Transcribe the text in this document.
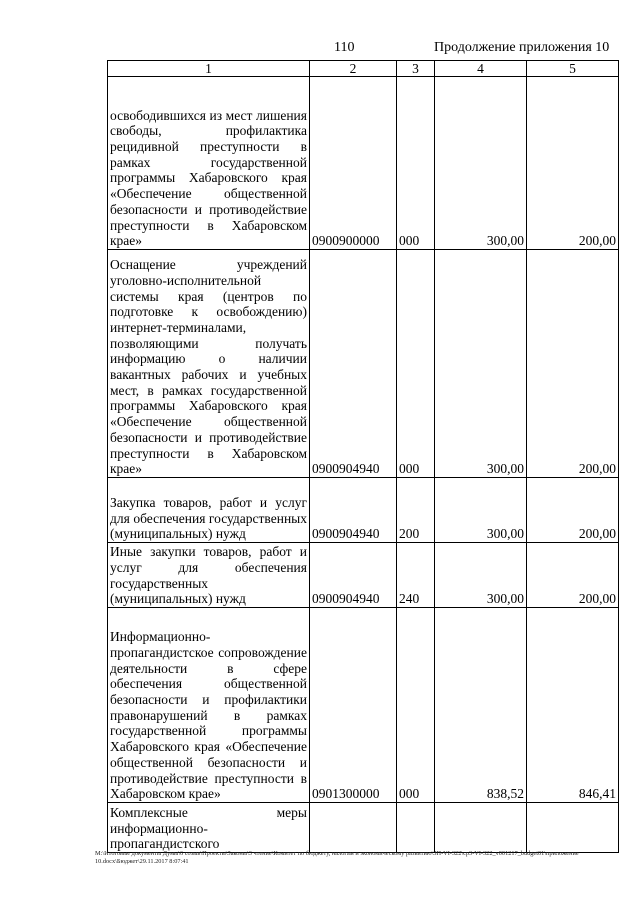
110	Продолжение приложения 10
1	2	3	4	5
освободившихся из мест лишения свободы, профилактика рецидивной преступности в рамках государственной программы Хабаровского края «Обеспечение общественной безопасности и противодействие преступности в Хабаровском крае»	0900900000	000	300,00	200,00
Оснащение учреждений уголовно-исполнительной системы края (центров по подготовке к освобождению) интернет-терминалами, позволяющими получать информацию о наличии вакантных рабочих и учебных мест, в рамках государственной программы Хабаровского края «Обеспечение общественной безопасности и противодействие преступности в Хабаровском крае»	0900904940	000	300,00	200,00
Закупка товаров, работ и услуг для обеспечения государственных (муниципальных) нужд	0900904940	200	300,00	200,00
Иные закупки товаров, работ и услуг для обеспечения государственных (муниципальных) нужд	0900904940	240	300,00	200,00
Информационно-пропагандистское сопровождение деятельности в сфере обеспечения общественной безопасности и профилактики правонарушений в рамках государственной программы Хабаровского края «Обеспечение общественной безопасности и противодействие преступности в Хабаровском крае»	0901300000	000	838,52	846,41
Комплексные меры информационно-пропагандистского				
М:\Итоговые документы Думы\6 созыв\Проекты\Законы\3 чтение\Комитет по бюджету, налогам и экономическому развитию\ЗП-VI-322\ср3-VI-322_v001217_budget01\приложение 10.docx\Бюджет\29.11.2017 8:07:41
